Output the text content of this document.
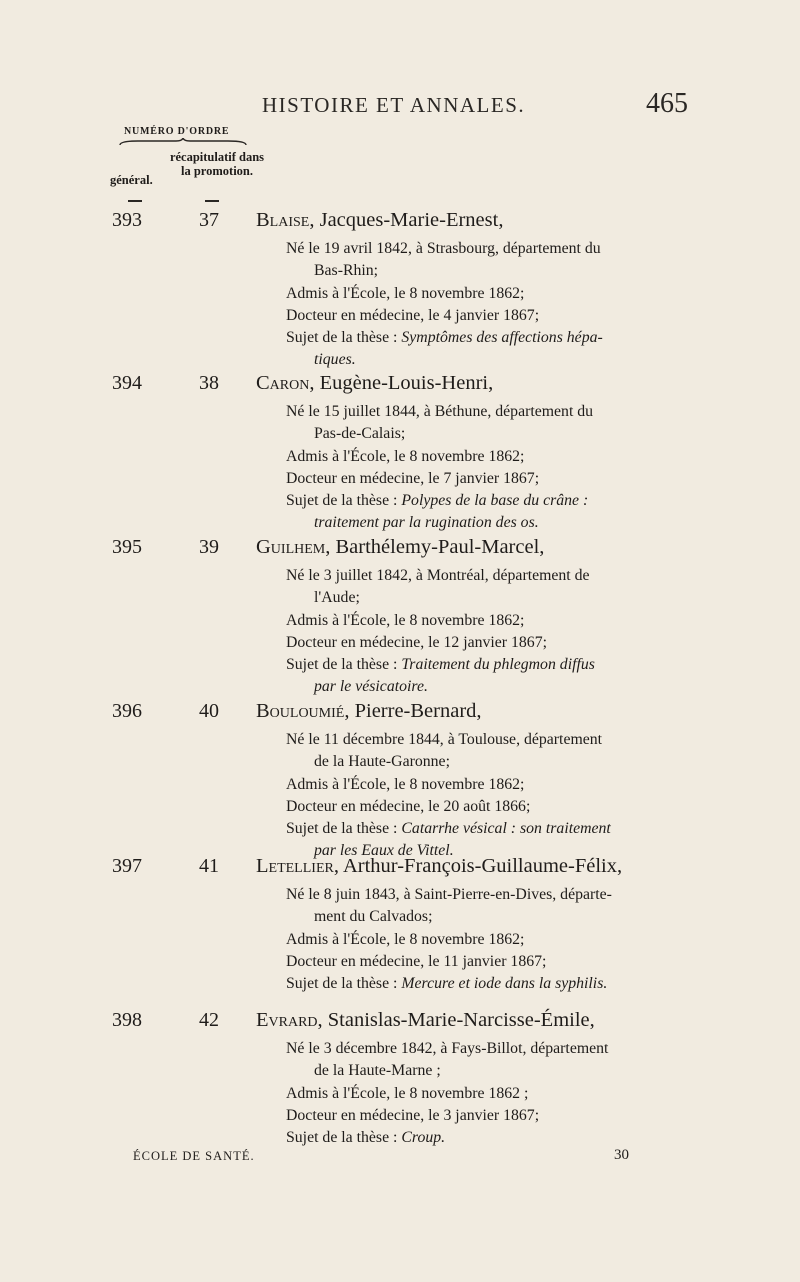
HISTOIRE ET ANNALES.	465
NUMÉRO D'ORDRE
général.
récapitulatif dans la promotion.
393	37 Blaise, Jacques-Marie-Ernest,

Né le 19 avril 1842, à Strasbourg, département du

Bas-Rhin;

Admis à l'École, le 8 novembre 1862;

Docteur en médecine, le 4 janvier 1867;

Sujet de la thèse : Symptômes des affections hépa-

tiques.

394	38 Caron, Eugène-Louis-Henri,

Né le 15 juillet 1844, à Béthune, département du

Pas-de-Calais;

Admis à l'École, le 8 novembre 1862;

Docteur en médecine, le 7 janvier 1867;

Sujet de la thèse : Polypes de la base du crâne :

traitement par la rugination des os.

395	39 Guilhem, Barthélemy-Paul-Marcel,

Né le 3 juillet 1842, à Montréal, département de

l'Aude;

Admis à l'École, le 8 novembre 1862;

Docteur en médecine, le 12 janvier 1867;

Sujet de la thèse : Traitement du phlegmon diffus

par le vésicatoire.

396	40 Bouloumié, Pierre-Bernard,

Né le 11 décembre 1844, à Toulouse, département

de la Haute-Garonne;

Admis à l'École, le 8 novembre 1862;

Docteur en médecine, le 20 août 1866;

Sujet de la thèse : Catarrhe vésical : son traitement

par les Eaux de Vittel.

397	41 Letellier, Arthur-François-Guillaume-Félix,

Né le 8 juin 1843, à Saint-Pierre-en-Dives, départe-

ment du Calvados;

Admis à l'École, le 8 novembre 1862;

Docteur en médecine, le 11 janvier 1867;

Sujet de la thèse : Mercure et iode dans la syphilis.

398	42 Evrard, Stanislas-Marie-Narcisse-Émile,

Né le 3 décembre 1842, à Fays-Billot, département

de la Haute-Marne ;

Admis à l'École, le 8 novembre 1862 ;

Docteur en médecine, le 3 janvier 1867;

Sujet de la thèse : Croup.

ÉCOLE DE SANTÉ.	30
